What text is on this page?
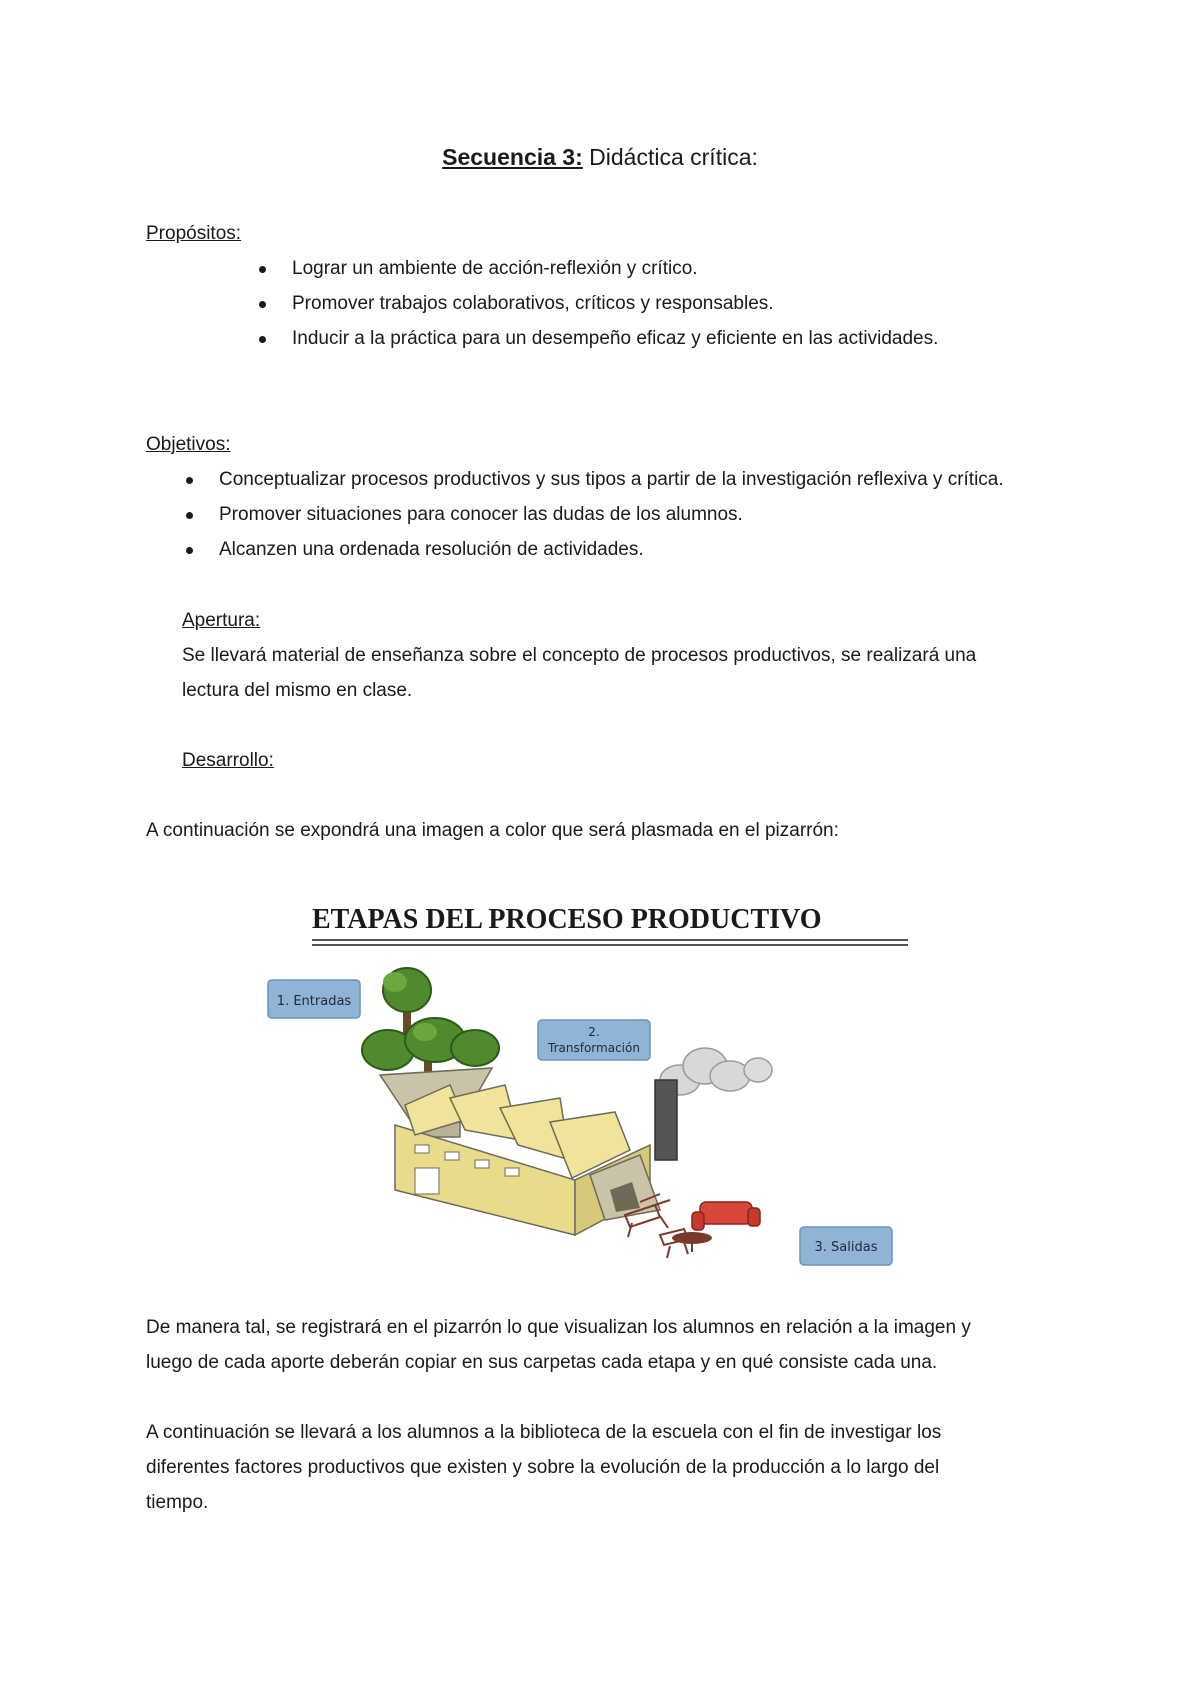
Secuencia 3: Didáctica crítica:
Propósitos:
Lograr un ambiente de acción-reflexión y crítico.
Promover trabajos colaborativos, críticos y responsables.
Inducir a la práctica para un desempeño eficaz y eficiente en las actividades.
Objetivos:
Conceptualizar procesos productivos y sus tipos a partir de la investigación reflexiva y crítica.
Promover situaciones para conocer las dudas de los alumnos.
Alcanzen una ordenada resolución de actividades.
Apertura:
Se llevará material de enseñanza sobre el concepto de procesos productivos, se realizará una
lectura del mismo en clase.
Desarrollo:
A continuación se expondrá una imagen a color que será plasmada en el pizarrón:
ETAPAS DEL PROCESO PRODUCTIVO
1. Entradas
2.
Transformación
3. Salidas
De manera tal, se registrará en el pizarrón lo que visualizan los alumnos en relación a la imagen y
luego de cada aporte deberán copiar en sus carpetas cada etapa y en qué consiste cada una.
A continuación se llevará a los alumnos a la biblioteca de la escuela con el fin de investigar los
diferentes factores productivos que existen y sobre la evolución de la producción a lo largo del
tiempo.
